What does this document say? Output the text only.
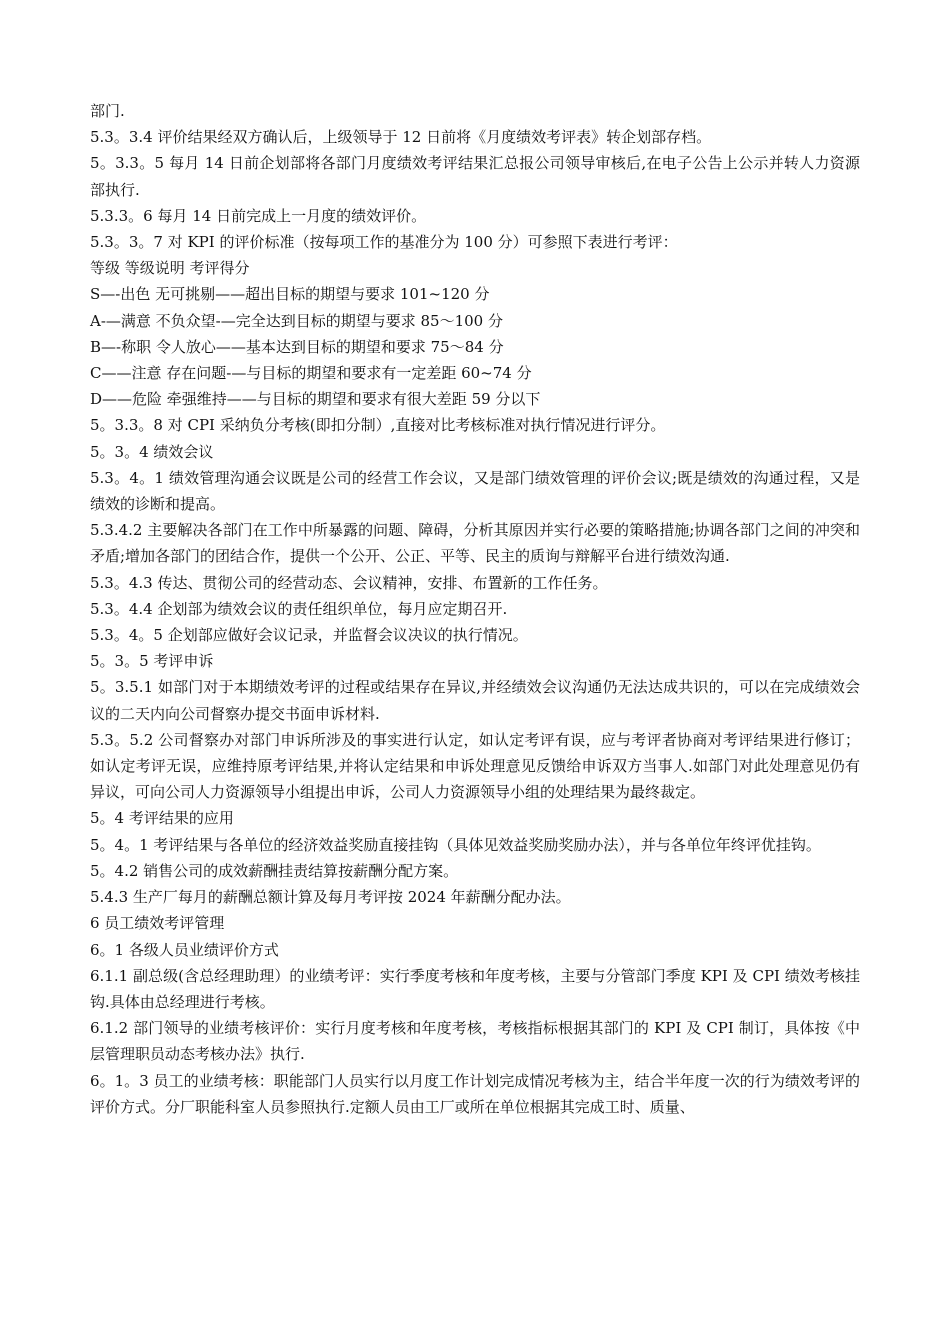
部门.

5.3。3.4 评价结果经双方确认后，上级领导于 12 日前将《月度绩效考评表》转企划部存档。

5。3.3。5 每月 14 日前企划部将各部门月度绩效考评结果汇总报公司领导审核后,在电子公告上公示并转人力资源部执行.

5.3.3。6 每月 14 日前完成上一月度的绩效评价。

5.3。3。7 对 KPI 的评价标准（按每项工作的基准分为 100 分）可参照下表进行考评：

等级 等级说明 考评得分

S—-出色 无可挑剔——超出目标的期望与要求 101~120 分

A-—满意 不负众望-—完全达到目标的期望与要求 85～100 分

B—-称职 令人放心——基本达到目标的期望和要求 75～84 分

C——注意 存在问题-—与目标的期望和要求有一定差距 60~74 分

D——危险 牵强维持——与目标的期望和要求有很大差距 59 分以下

5。3.3。8 对 CPI 采纳负分考核(即扣分制）,直接对比考核标准对执行情况进行评分。

5。3。4 绩效会议

5.3。4。1 绩效管理沟通会议既是公司的经营工作会议，又是部门绩效管理的评价会议;既是绩效的沟通过程，又是绩效的诊断和提高。

5.3.4.2 主要解决各部门在工作中所暴露的问题、障碍，分析其原因并实行必要的策略措施;协调各部门之间的冲突和矛盾;增加各部门的团结合作，提供一个公开、公正、平等、民主的质询与辩解平台进行绩效沟通.

5.3。4.3 传达、贯彻公司的经营动态、会议精神，安排、布置新的工作任务。

5.3。4.4 企划部为绩效会议的责任组织单位，每月应定期召开.

5.3。4。5 企划部应做好会议记录，并监督会议决议的执行情况。

5。3。5 考评申诉

5。3.5.1 如部门对于本期绩效考评的过程或结果存在异议,并经绩效会议沟通仍无法达成共识的，可以在完成绩效会议的二天内向公司督察办提交书面申诉材料.

5.3。5.2 公司督察办对部门申诉所涉及的事实进行认定，如认定考评有误，应与考评者协商对考评结果进行修订；如认定考评无误，应维持原考评结果,并将认定结果和申诉处理意见反馈给申诉双方当事人.如部门对此处理意见仍有异议，可向公司人力资源领导小组提出申诉，公司人力资源领导小组的处理结果为最终裁定。

5。4 考评结果的应用

5。4。1 考评结果与各单位的经济效益奖励直接挂钩（具体见效益奖励奖励办法），并与各单位年终评优挂钩。

5。4.2 销售公司的成效薪酬挂责结算按薪酬分配方案。

5.4.3 生产厂每月的薪酬总额计算及每月考评按 2024 年薪酬分配办法。

6 员工绩效考评管理

6。1 各级人员业绩评价方式

6.1.1 副总级(含总经理助理）的业绩考评：实行季度考核和年度考核，主要与分管部门季度 KPI 及 CPI 绩效考核挂钩.具体由总经理进行考核。

6.1.2 部门领导的业绩考核评价：实行月度考核和年度考核，考核指标根据其部门的 KPI 及 CPI 制订，具体按《中层管理职员动态考核办法》执行.

6。1。3 员工的业绩考核：职能部门人员实行以月度工作计划完成情况考核为主，结合半年度一次的行为绩效考评的评价方式。分厂职能科室人员参照执行.定额人员由工厂或所在单位根据其完成工时、质量、
